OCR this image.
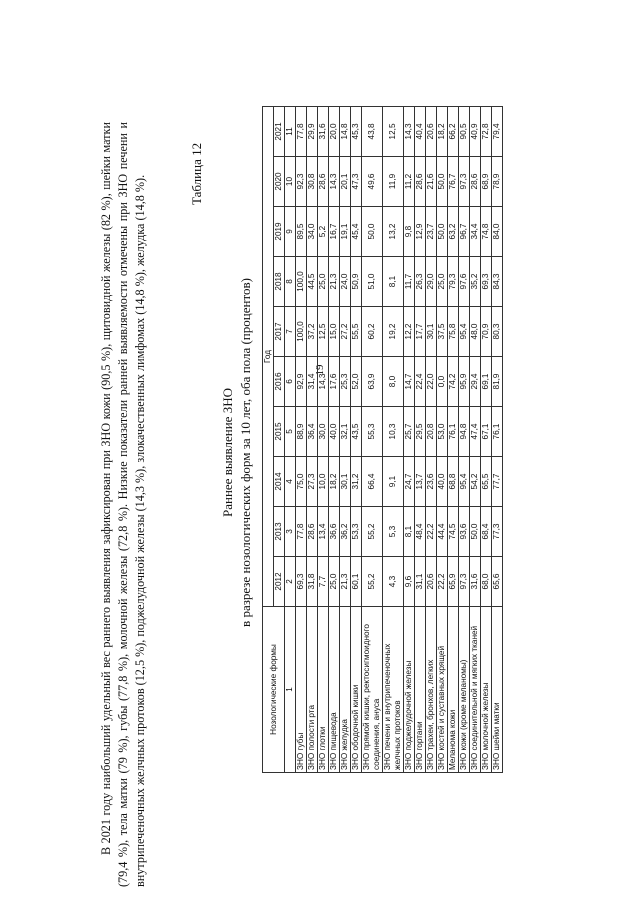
19

В 2021 году наибольший удельный вес раннего выявления зафиксирован при ЗНО кожи (90,5 %), щитовидной железы (82 %), шейки матки (79,4 %), тела матки (79 %), губы (77,8 %), молочной железы (72,8 %). Низкие показатели ранней выявляемости отмечены при ЗНО печени и внутрипеченочных желчных протоков (12,5 %), поджелудочной железы (14,3 %), злокачественных лимфомах (14,8 %), желудка (14,8 %).

Таблица 12
Раннее выявление ЗНО в разрезе нозологических форм за 10 лет, оба пола (процентов)
Нозологические формы	Год									
	2012	2013	2014	2015	2016	2017	2018	2019	2020	2021
1	2	3	4	5	6	7	8	9	10	11
ЗНО губы	69,3	77,8	75,0	88,9	92,9	100,0	100,0	89,5	92,3	77,8
ЗНО полости рта	31,8	28,6	27,3	36,4	31,4	37,2	44,5	34,0	30,8	29,9
ЗНО глотки	7,7	13,4	10,0	30,0	14,3	12,5	25,0	5,2	28,6	31,6
ЗНО пищевода	25,0	36,6	18,2	40,0	17,6	15,0	21,3	16,7	14,3	20,0
ЗНО желудка	21,3	36,2	30,1	32,1	25,3	27,2	24,0	19,1	20,1	14,8
ЗНО ободочной кишки	60,1	53,3	31,2	43,5	52,0	55,5	50,9	45,4	47,3	45,3
ЗНО прямой кишки, ректосигмоидного соединения, ануса	55,2	55,2	66,4	55,3	63,9	60,2	51,0	50,0	49,6	43,8
ЗНО печени и внутрипеченочных желчных протоков	4,3	5,3	9,1	10,3	8,0	19,2	8,1	13,2	11,9	12,5
ЗНО поджелудочной железы	9,6	8,1	24,7	25,7	14,7	12,2	11,7	9,8	11,2	14,3
ЗНО гортани	31,1	48,4	13,7	29,5	22,4	17,7	26,3	12,9	28,6	40,4
ЗНО трахеи, бронхов, легких	20,6	22,2	23,6	20,8	22,0	30,1	29,0	23,7	21,6	20,6
ЗНО костей и суставных хрящей	22,2	44,4	40,0	53,0	0,0	37,5	25,0	50,0	50,0	18,2
Меланома кожи	65,9	74,5	68,8	76,1	74,2	75,8	79,3	63,2	76,7	66,2
ЗНО кожи (кроме меланомы)	97,3	93,6	95,4	94,8	95,9	95,4	97,6	96,7	97,3	90,5
ЗНО соединительной и мягких тканей	31,6	50,0	54,2	47,4	29,4	48,0	35,2	34,4	28,6	40,9
ЗНО молочной железы	68,0	68,4	65,5	67,1	69,1	70,9	69,3	74,8	68,9	72,8
ЗНО шейки матки	65,6	77,3	77,7	76,1	81,9	80,3	84,3	84,0	78,9	79,4
